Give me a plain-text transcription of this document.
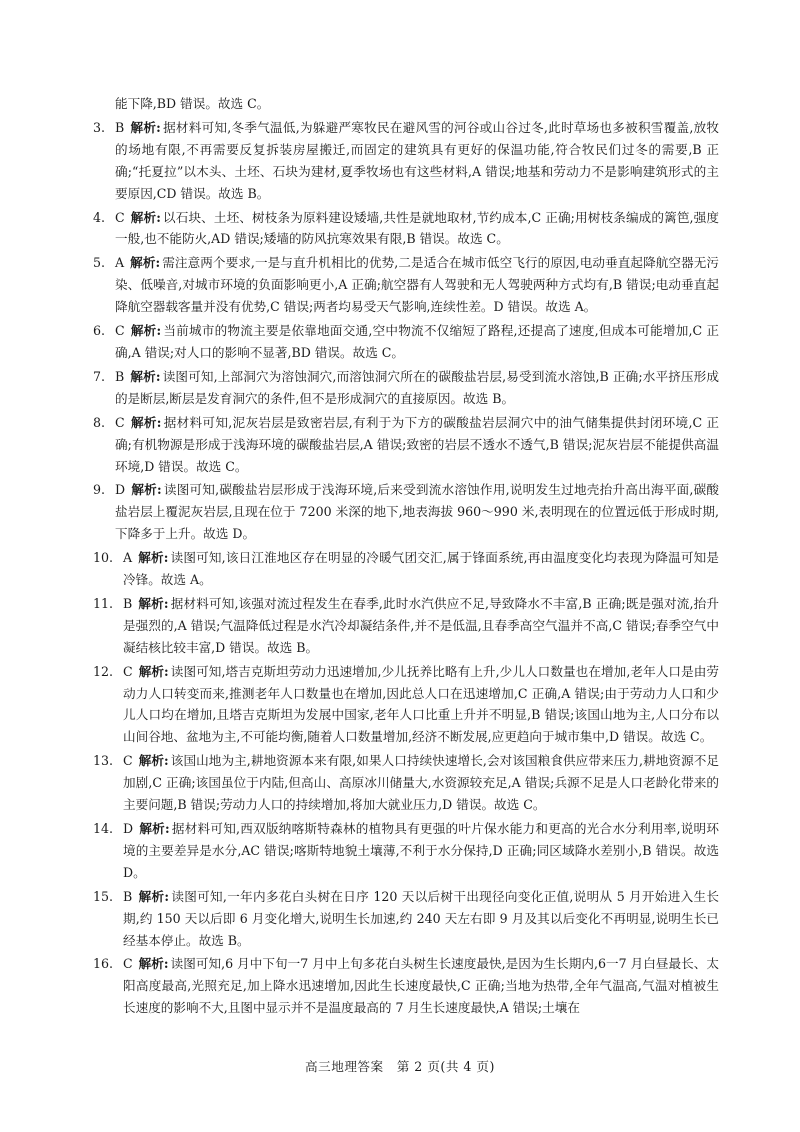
能下降,BD 错误。故选 C。
3. B 解析: 据材料可知,冬季气温低,为躲避严寒牧民在避风雪的河谷或山谷过冬,此时草场也多被积雪覆盖,放牧的场地有限,不再需要反复拆装房屋搬迁,而固定的建筑具有更好的保温功能,符合牧民们过冬的需要,B 正确;“托夏拉”以木头、土坯、石块为建材,夏季牧场也有这些材料,A 错误;地基和劳动力不是影响建筑形式的主要原因,CD 错误。故选 B。
4. C 解析: 以石块、土坯、树枝条为原料建设矮墙,共性是就地取材,节约成本,C 正确;用树枝条编成的篱笆,强度一般,也不能防火,AD 错误;矮墙的防风抗寒效果有限,B 错误。故选 C。
5. A 解析: 需注意两个要求,一是与直升机相比的优势,二是适合在城市低空飞行的原因,电动垂直起降航空器无污染、低噪音,对城市环境的负面影响更小,A 正确;航空器有人驾驶和无人驾驶两种方式均有,B 错误;电动垂直起降航空器载客量并没有优势,C 错误;两者均易受天气影响,连续性差。D 错误。故选 A。
6. C 解析: 当前城市的物流主要是依靠地面交通,空中物流不仅缩短了路程,还提高了速度,但成本可能增加,C 正确,A 错误;对人口的影响不显著,BD 错误。故选 C。
7. B 解析: 读图可知,上部洞穴为溶蚀洞穴,而溶蚀洞穴所在的碳酸盐岩层,易受到流水溶蚀,B 正确;水平挤压形成的是断层,断层是发育洞穴的条件,但不是形成洞穴的直接原因。故选 B。
8. C 解析: 据材料可知,泥灰岩层是致密岩层,有利于为下方的碳酸盐岩层洞穴中的油气储集提供封闭环境,C 正确;有机物源是形成于浅海环境的碳酸盐岩层,A 错误;致密的岩层不透水不透气,B 错误;泥灰岩层不能提供高温环境,D 错误。故选 C。
9. D 解析: 读图可知,碳酸盐岩层形成于浅海环境,后来受到流水溶蚀作用,说明发生过地壳抬升高出海平面,碳酸盐岩层上覆泥灰岩层,且现在位于 7200 米深的地下,地表海拔 960～990 米,表明现在的位置远低于形成时期,下降多于上升。故选 D。
10. A 解析: 读图可知,该日江淮地区存在明显的冷暖气团交汇,属于锋面系统,再由温度变化均表现为降温可知是冷锋。故选 A。
11. B 解析: 据材料可知,该强对流过程发生在春季,此时水汽供应不足,导致降水不丰富,B 正确;既是强对流,抬升是强烈的,A 错误;气温降低过程是水汽冷却凝结条件,并不是低温,且春季高空气温并不高,C 错误;春季空气中凝结核比较丰富,D 错误。故选 B。
12. C 解析: 读图可知,塔吉克斯坦劳动力迅速增加,少儿抚养比略有上升,少儿人口数量也在增加,老年人口是由劳动力人口转变而来,推测老年人口数量也在增加,因此总人口在迅速增加,C 正确,A 错误;由于劳动力人口和少儿人口均在增加,且塔吉克斯坦为发展中国家,老年人口比重上升并不明显,B 错误;该国山地为主,人口分布以山间谷地、盆地为主,不可能均衡,随着人口数量增加,经济不断发展,应更趋向于城市集中,D 错误。故选 C。
13. C 解析: 该国山地为主,耕地资源本来有限,如果人口持续快速增长,会对该国粮食供应带来压力,耕地资源不足加剧,C 正确;该国虽位于内陆,但高山、高原冰川储量大,水资源较充足,A 错误;兵源不足是人口老龄化带来的主要问题,B 错误;劳动力人口的持续增加,将加大就业压力,D 错误。故选 C。
14. D 解析: 据材料可知,西双版纳喀斯特森林的植物具有更强的叶片保水能力和更高的光合水分利用率,说明环境的主要差异是水分,AC 错误;喀斯特地貌土壤薄,不利于水分保持,D 正确;同区域降水差别小,B 错误。故选 D。
15. B 解析: 读图可知,一年内多花白头树在日序 120 天以后树干出现径向变化正值,说明从 5 月开始进入生长期,约 150 天以后即 6 月变化增大,说明生长加速,约 240 天左右即 9 月及其以后变化不再明显,说明生长已经基本停止。故选 B。
16. C 解析: 读图可知,6 月中下旬一7 月中上旬多花白头树生长速度最快,是因为生长期内,6一7 月白昼最长、太阳高度最高,光照充足,加上降水迅速增加,因此生长速度最快,C 正确;当地为热带,全年气温高,气温对植被生长速度的影响不大,且图中显示并不是温度最高的 7 月生长速度最快,A 错误;土壤在
高三地理答案　第 2 页(共 4 页)
